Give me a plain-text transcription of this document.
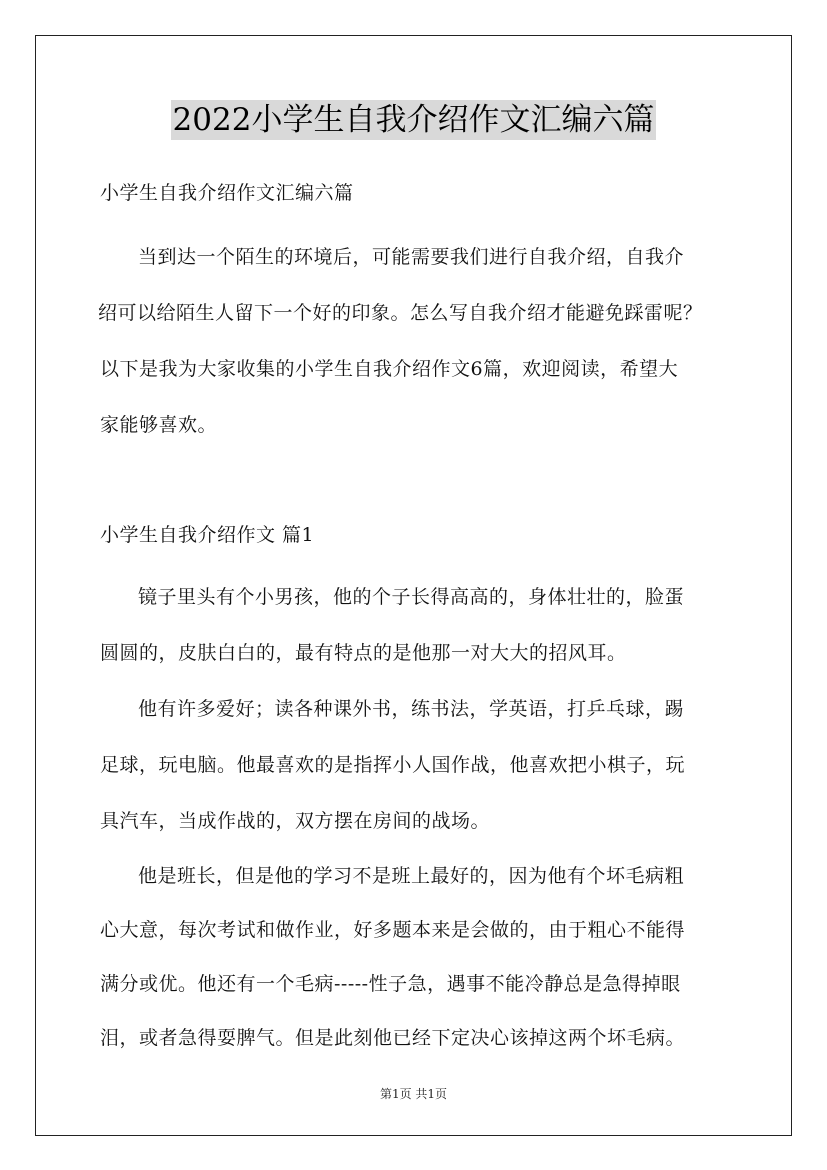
2022小学生自我介绍作文汇编六篇

小学生自我介绍作文汇编六篇

当到达一个陌生的环境后，可能需要我们进行自我介绍，自我介

绍可以给陌生人留下一个好的印象。怎么写自我介绍才能避免踩雷呢？

以下是我为大家收集的小学生自我介绍作文6篇，欢迎阅读，希望大

家能够喜欢。

小学生自我介绍作文 篇1

镜子里头有个小男孩，他的个子长得高高的，身体壮壮的，脸蛋

圆圆的，皮肤白白的，最有特点的是他那一对大大的招风耳。

他有许多爱好；读各种课外书，练书法，学英语，打乒乓球，踢

足球，玩电脑。他最喜欢的是指挥小人国作战，他喜欢把小棋子，玩

具汽车，当成作战的，双方摆在房间的战场。

他是班长，但是他的学习不是班上最好的，因为他有个坏毛病粗

心大意，每次考试和做作业，好多题本来是会做的，由于粗心不能得

满分或优。他还有一个毛病-----性子急，遇事不能冷静总是急得掉眼

泪，或者急得耍脾气。但是此刻他已经下定决心该掉这两个坏毛病。

第1页 共1页
